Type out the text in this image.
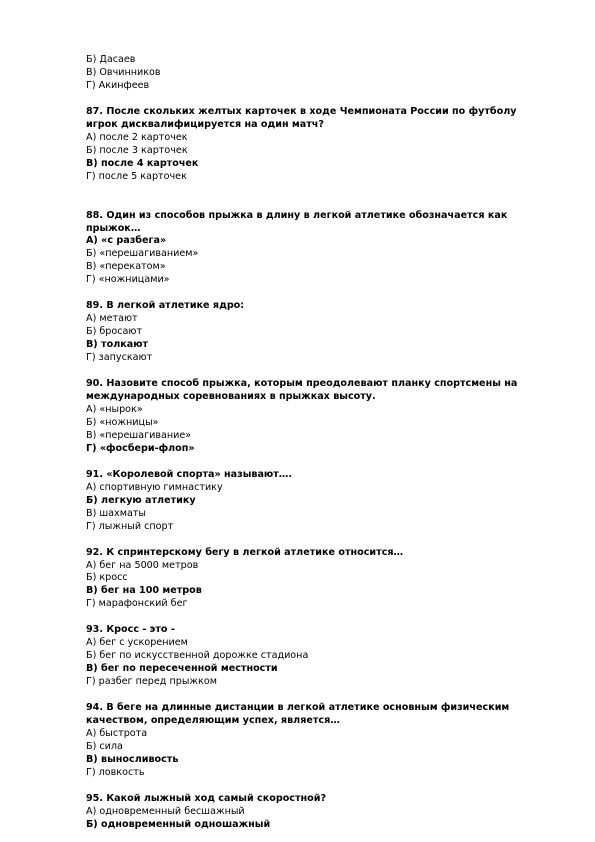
Б) Дасаев
В) Овчинников
Г) Акинфеев
87. После скольких желтых карточек в ходе Чемпионата России по футболу игрок дисквалифицируется на один матч?
А) после 2 карточек
Б) после 3 карточек
В) после 4 карточек
Г) после 5 карточек
88. Один из способов прыжка в длину в легкой атлетике обозначается как прыжок…
А) «с разбега»
Б) «перешагиванием»
В) «перекатом»
Г) «ножницами»
89. В легкой атлетике ядро:
А) метают
Б) бросают
В) толкают
Г) запускают
90. Назовите способ прыжка, которым преодолевают планку спортсмены на международных соревнованиях в прыжках высоту.
А) «нырок»
Б) «ножницы»
В) «перешагивание»
Г) «фосбери-флоп»
91. «Королевой спорта» называют….
А) спортивную гимнастику
Б) легкую атлетику
В) шахматы
Г) лыжный спорт
92. К спринтерскому бегу в легкой атлетике относится…
А) бег на 5000 метров
Б) кросс
В) бег на 100 метров
Г) марафонский бег
93. Кросс - это -
А) бег с ускорением
Б) бег по искусственной дорожке стадиона
В) бег по пересеченной местности
Г) разбег перед прыжком
94. В беге на длинные дистанции в легкой атлетике основным физическим качеством, определяющим успех, является…
А) быстрота
Б) сила
В) выносливость
Г) ловкость
95. Какой лыжный ход самый скоростной?
А) одновременный бесшажный
Б) одновременный одношажный
